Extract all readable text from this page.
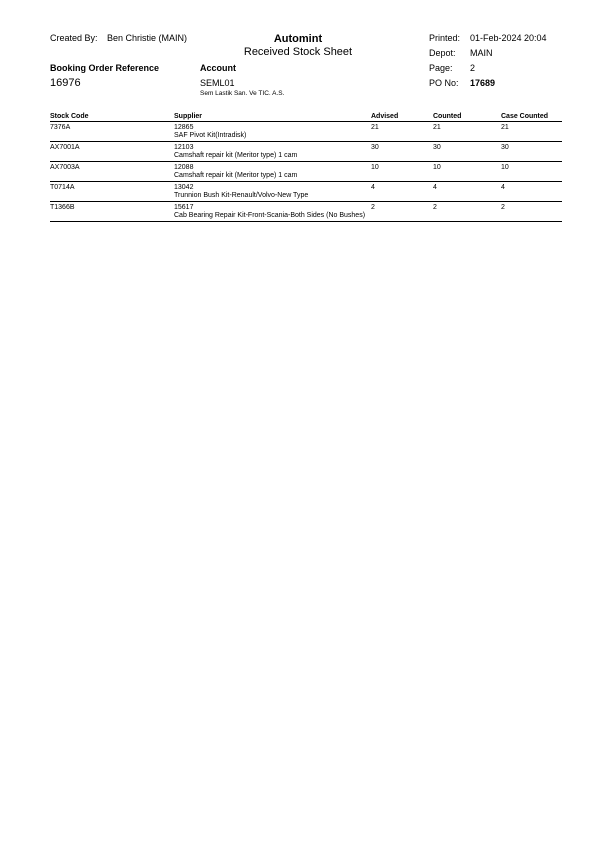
Created By: Ben Christie (MAIN)	Automint
Received Stock Sheet
Printed: 01-Feb-2024 20:04
Depot: MAIN
Booking Order Reference	Account	Page: 2
16976	SEML01
Sem Lastik San. Ve TIC. A.S.
PO No: 17689
Stock Code	Supplier	Advised	Counted	Case Counted
7376A	12865
SAF Pivot Kit(Intradisk)	21	21	21
AX7001A	12103
Camshaft repair kit (Meritor type) 1 cam	30	30	30
AX7003A	12088
Camshaft repair kit (Meritor type) 1 cam	10	10	10
T0714A	13042
Trunnion Bush Kit-Renault/Volvo-New Type	4	4	4
T1366B	15617
Cab Bearing Repair Kit-Front-Scania-Both Sides (No Bushes)	2	2	2
